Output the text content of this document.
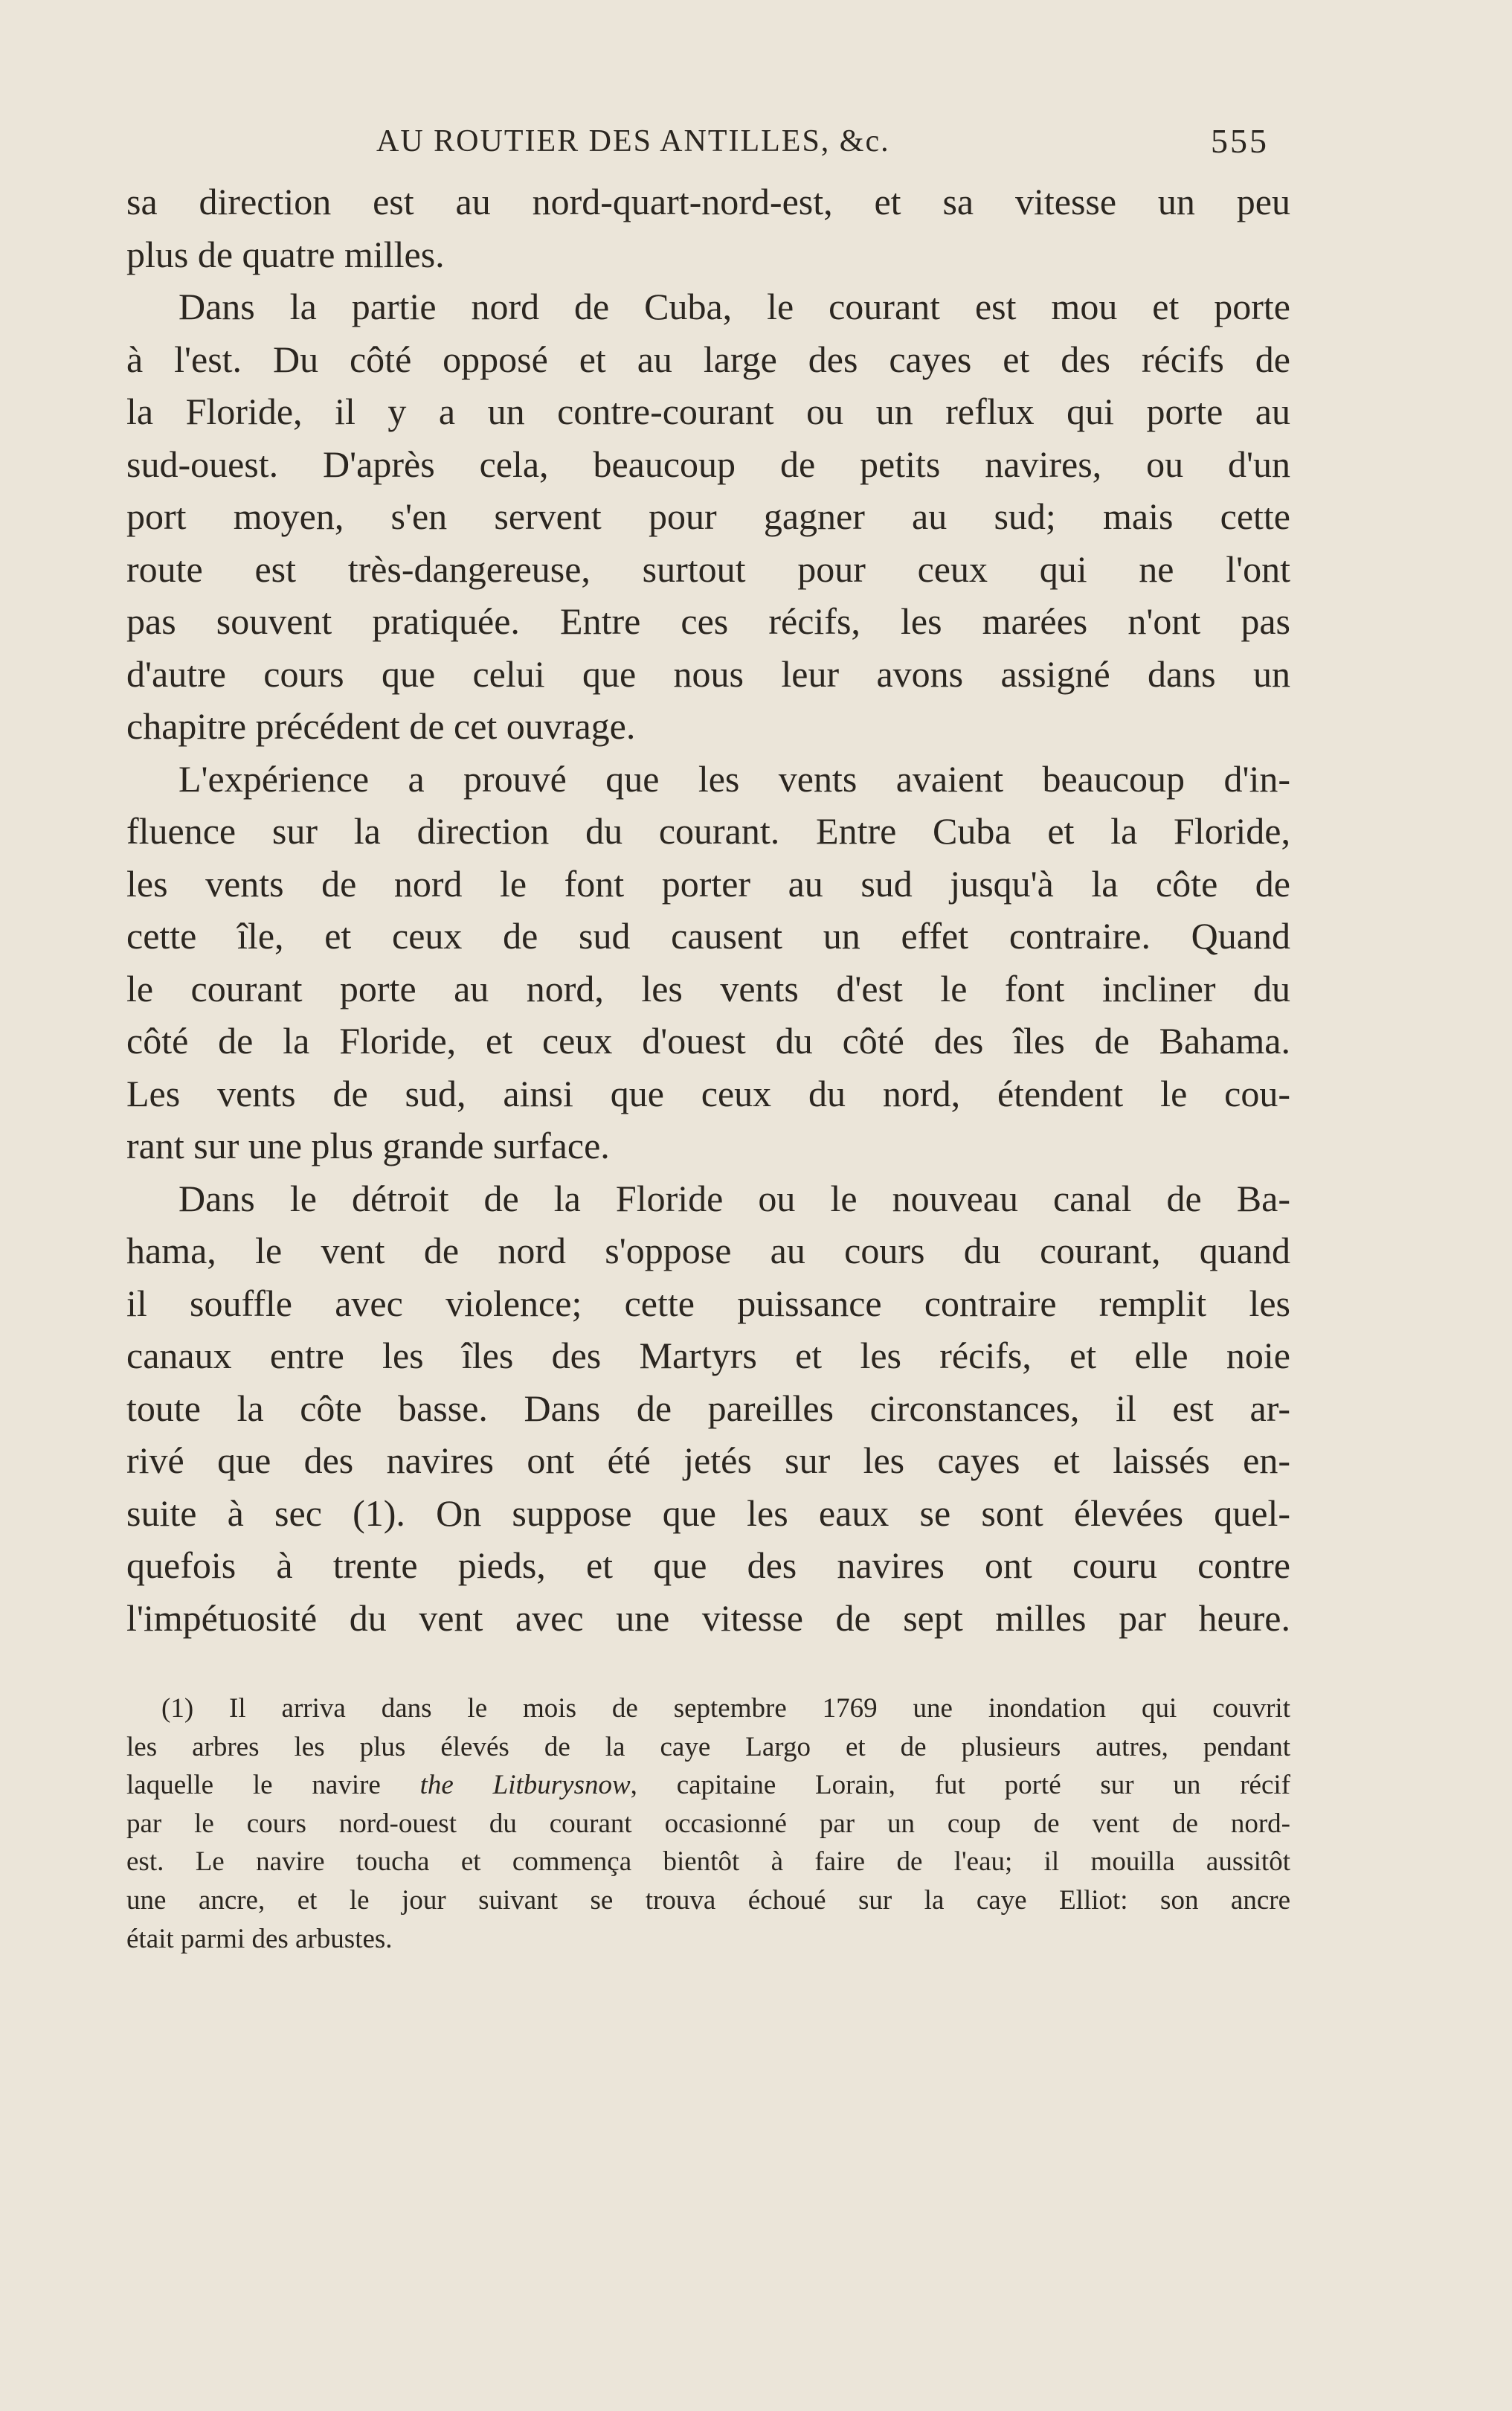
AU ROUTIER DES ANTILLES, &c.	555
sa direction est au nord-quart-nord-est, et sa vitesse un peu
plus de quatre milles.
Dans la partie nord de Cuba, le courant est mou et porte
à l'est. Du côté opposé et au large des cayes et des récifs de
la Floride, il y a un contre-courant ou un reflux qui porte au
sud-ouest. D'après cela, beaucoup de petits navires, ou d'un
port moyen, s'en servent pour gagner au sud; mais cette
route est très-dangereuse, surtout pour ceux qui ne l'ont
pas souvent pratiquée. Entre ces récifs, les marées n'ont pas
d'autre cours que celui que nous leur avons assigné dans un
chapitre précédent de cet ouvrage.
L'expérience a prouvé que les vents avaient beaucoup d'in-
fluence sur la direction du courant. Entre Cuba et la Floride,
les vents de nord le font porter au sud jusqu'à la côte de
cette île, et ceux de sud causent un effet contraire. Quand
le courant porte au nord, les vents d'est le font incliner du
côté de la Floride, et ceux d'ouest du côté des îles de Bahama.
Les vents de sud, ainsi que ceux du nord, étendent le cou-
rant sur une plus grande surface.
Dans le détroit de la Floride ou le nouveau canal de Ba-
hama, le vent de nord s'oppose au cours du courant, quand
il souffle avec violence; cette puissance contraire remplit les
canaux entre les îles des Martyrs et les récifs, et elle noie
toute la côte basse. Dans de pareilles circonstances, il est ar-
rivé que des navires ont été jetés sur les cayes et laissés en-
suite à sec (1). On suppose que les eaux se sont élevées quel-
quefois à trente pieds, et que des navires ont couru contre
l'impétuosité du vent avec une vitesse de sept milles par heure.
(1) Il arriva dans le mois de septembre 1769 une inondation qui couvrit
les arbres les plus élevés de la caye Largo et de plusieurs autres, pendant
laquelle le navire the Litburysnow, capitaine Lorain, fut porté sur un récif
par le cours nord-ouest du courant occasionné par un coup de vent de nord-
est. Le navire toucha et commença bientôt à faire de l'eau; il mouilla aussitôt
une ancre, et le jour suivant se trouva échoué sur la caye Elliot: son ancre
était parmi des arbustes.
